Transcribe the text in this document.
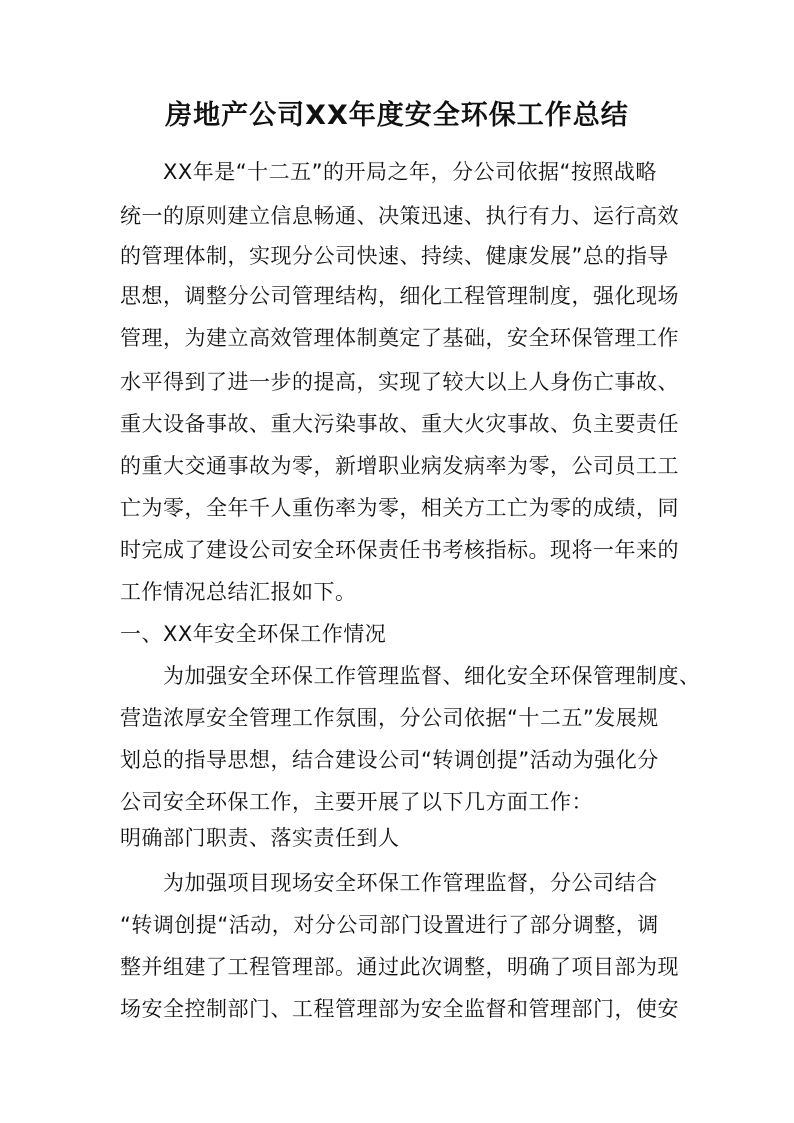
房地产公司XX年度安全环保工作总结
XX年是“十二五”的开局之年，分公司依据“按照战略
统一的原则建立信息畅通、决策迅速、执行有力、运行高效
的管理体制，实现分公司快速、持续、健康发展”总的指导
思想，调整分公司管理结构，细化工程管理制度，强化现场
管理，为建立高效管理体制奠定了基础，安全环保管理工作
水平得到了进一步的提高，实现了较大以上人身伤亡事故、
重大设备事故、重大污染事故、重大火灾事故、负主要责任
的重大交通事故为零，新增职业病发病率为零，公司员工工
亡为零，全年千人重伤率为零，相关方工亡为零的成绩，同
时完成了建设公司安全环保责任书考核指标。现将一年来的
工作情况总结汇报如下。
一、XX年安全环保工作情况
为加强安全环保工作管理监督、细化安全环保管理制度、
营造浓厚安全管理工作氛围，分公司依据“十二五”发展规
划总的指导思想，结合建设公司“转调创提”活动为强化分
公司安全环保工作，主要开展了以下几方面工作：
明确部门职责、落实责任到人
为加强项目现场安全环保工作管理监督，分公司结合
“转调创提“活动，对分公司部门设置进行了部分调整，调
整并组建了工程管理部。通过此次调整，明确了项目部为现
场安全控制部门、工程管理部为安全监督和管理部门，使安
